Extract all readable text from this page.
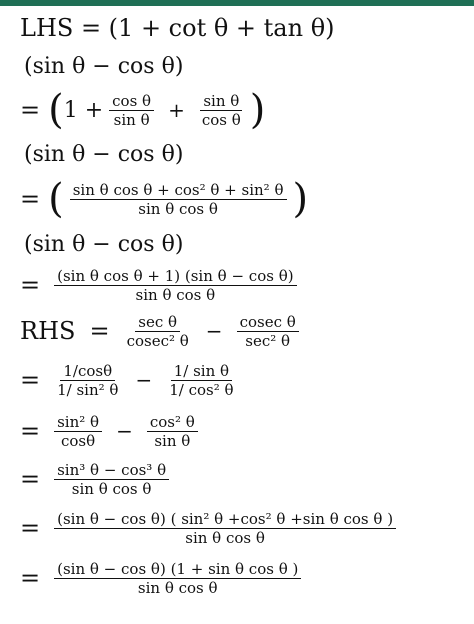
LHS = (1 + cot θ + tan θ)
(sin θ − cos θ)
= ( $1 + \frac{\text{cos θ}}{\text{sin θ}} + \frac{\text{sin θ}}{\text{cos θ}}$ )
(sin θ − cos θ)
= ( $\frac{\text{sin θ cos θ + cos² θ + sin² θ}}{\text{sin θ cos θ}}$ )
(sin θ − cos θ)
= $\frac{\text{(sin θ cos θ + 1) (sin θ − cos θ)}}{\text{sin θ cos θ}}$
RHS = $\frac{\text{sec θ}}{\text{cosec² θ}} - \frac{\text{cosec θ}}{\text{sec² θ}}$
= $\frac{1/\cos\theta}{\text{1/ sin² θ}} - \frac{\text{1/ sin θ}}{\text{1/ cos² θ}}$
= $\frac{\text{sin² θ}}{\cos\theta} - \frac{\text{cos² θ}}{\text{sin θ}}$
= $\frac{\text{sin³ θ − cos³ θ}}{\text{sin θ cos θ}}$
= $\frac{\text{(sin θ − cos θ) ( sin² θ +cos² θ +sin θ cos θ )}}{\text{sin θ cos θ}}$
= $\frac{\text{(sin θ − cos θ) (1 + sin θ cos θ )}}{\text{sin θ cos θ}}$
